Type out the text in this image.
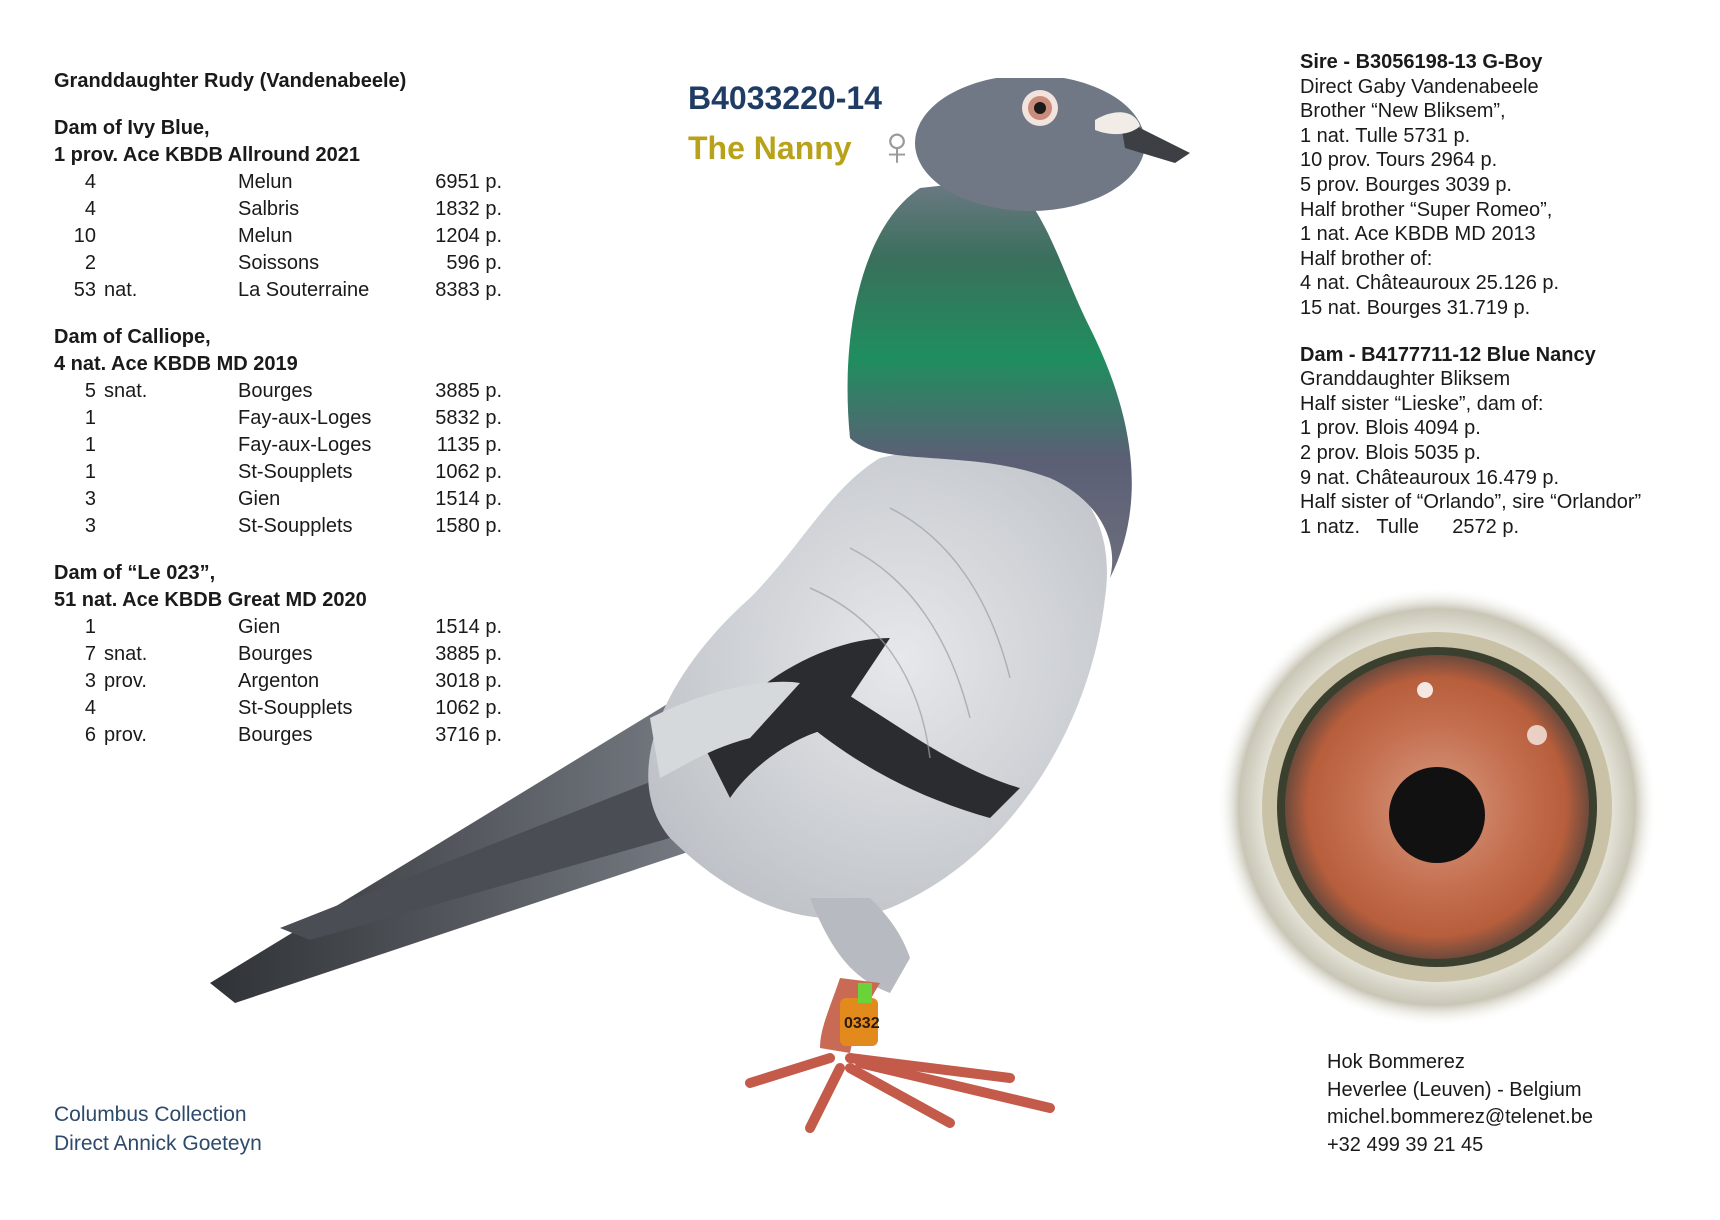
0332
B4033220-14
The Nanny ♀
Granddaughter Rudy (Vandenabeele)
Dam of Ivy Blue,
1 prov. Ace KBDB Allround 2021
4	Melun	6951 p.
4	Salbris	1832 p.
10	Melun	1204 p.
2	Soissons	596 p.
53 nat.	La Souterraine	8383 p.
Dam of Calliope,
4 nat. Ace KBDB MD 2019
5 snat.	Bourges	3885 p.
1	Fay-aux-Loges	5832 p.
1	Fay-aux-Loges	1135 p.
1	St-Soupplets	1062 p.
3	Gien	1514 p.
3	St-Soupplets	1580 p.
Dam of “Le 023”,
51 nat. Ace KBDB Great MD 2020
1	Gien	1514 p.
7 snat.	Bourges	3885 p.
3 prov.	Argenton	3018 p.
4	St-Soupplets	1062 p.
6 prov.	Bourges	3716 p.
Sire - B3056198-13 G-Boy
Direct Gaby Vandenabeele
Brother “New Bliksem”,
1 nat. Tulle 5731 p.
10 prov. Tours 2964 p.
5 prov. Bourges 3039 p.
Half brother “Super Romeo”,
1 nat. Ace KBDB MD 2013
Half brother of:
4 nat. Châteauroux 25.126 p.
15 nat. Bourges 31.719 p.
Dam - B4177711-12 Blue Nancy
Granddaughter Bliksem
Half sister “Lieske”, dam of:
1 prov. Blois 4094 p.
2 prov. Blois 5035 p.
9 nat. Châteauroux 16.479 p.
Half sister of “Orlando”, sire “Orlandor”
1 natz.   Tulle      2572 p.
Columbus Collection
Direct Annick Goeteyn
Hok Bommerez
Heverlee (Leuven) - Belgium
michel.bommerez@telenet.be
+32 499 39 21 45
